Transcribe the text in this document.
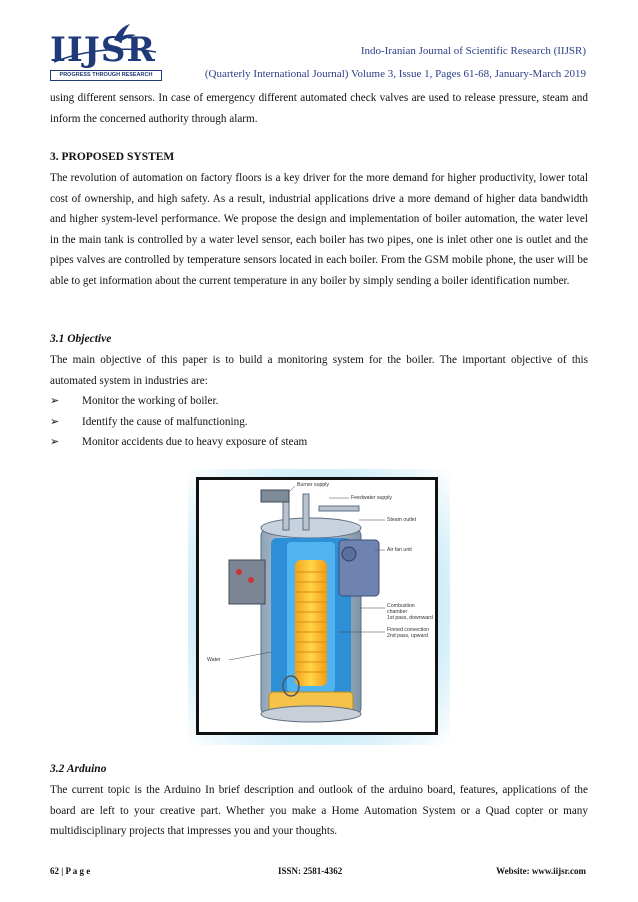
IIJSR
PROGRESS THROUGH RESEARCH
Indo-Iranian Journal of Scientific Research (IIJSR)
(Quarterly International Journal) Volume 3, Issue 1, Pages 61-68, January-March 2019
using different sensors. In case of emergency different automated check valves are used to release pressure, steam and inform the concerned authority through alarm.
3. PROPOSED SYSTEM
The revolution of automation on factory floors is a key driver for the more demand for higher productivity, lower total cost of ownership, and high safety. As a result, industrial applications drive a more demand of higher data bandwidth and higher system-level performance. We propose the design and implementation of boiler automation, the water level in the main tank is controlled by a water level sensor, each boiler has two pipes, one is inlet other one is outlet and the pipes valves are controlled by temperature sensors located in each boiler. From the GSM mobile phone, the user will be able to get information about the current temperature in any boiler by simply sending a boiler identification number.
3.1 Objective
The main objective of this paper is to build a monitoring system for the boiler. The important objective of this automated system in industries are:
➢	Monitor the working of boiler.
➢	Identify the cause of malfunctioning.
➢	Monitor accidents due to heavy exposure of steam
Burner supply
Feedwater supply
Steam outlet
Air fan unit
Combustion chamber
1st pass, downward
Finned convection
2nd pass, upward
Water
3.2 Arduino
The current topic is the Arduino In brief description and outlook of the arduino board, features, applications of the board are left to your creative part. Whether you make a Home Automation System or a Quad copter or many multidisciplinary projects that impresses you and your thoughts.
62 | P a g e	ISSN: 2581-4362	Website: www.iijsr.com
